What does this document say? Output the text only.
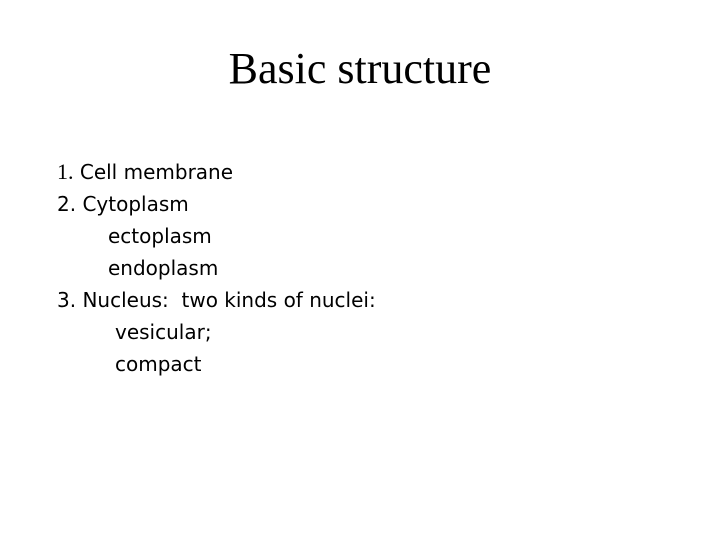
Basic structure
1. Cell membrane
2. Cytoplasm
ectoplasm
endoplasm
3. Nucleus:  two kinds of nuclei:
vesicular;
compact
